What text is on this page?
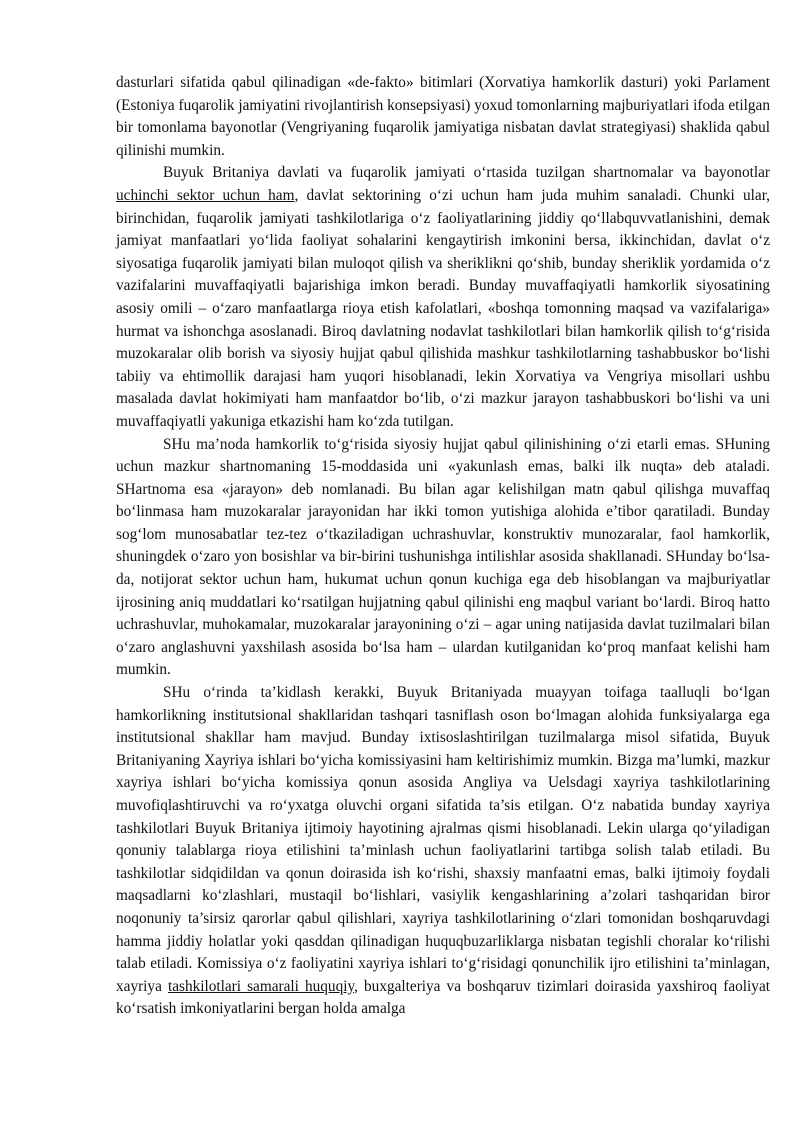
dasturlari sifatida qabul qilinadigan «de-fakto» bitimlari (Xorvatiya hamkorlik dasturi) yoki Parlament (Estoniya fuqarolik jamiyatini rivojlantirish konsepsiyasi) yoxud tomonlarning majburiyatlari ifoda etilgan bir tomonlama bayonotlar (Vengriyaning fuqarolik jamiyatiga nisbatan davlat strategiyasi) shaklida qabul qilinishi mumkin.

Buyuk Britaniya davlati va fuqarolik jamiyati o‘rtasida tuzilgan shartnomalar va bayonotlar uchinchi sektor uchun ham, davlat sektorining o‘zi uchun ham juda muhim sanaladi. Chunki ular, birinchidan, fuqarolik jamiyati tashkilotlariga o‘z faoliyatlarining jiddiy qo‘llabquvvatlanishini, demak jamiyat manfaatlari yo‘lida faoliyat sohalarini kengaytirish imkonini bersa, ikkinchidan, davlat o‘z siyosatiga fuqarolik jamiyati bilan muloqot qilish va sheriklikni qo‘shib, bunday sheriklik yordamida o‘z vazifalarini muvaffaqiyatli bajarishiga imkon beradi. Bunday muvaffaqiyatli hamkorlik siyosatining asosiy omili – o‘zaro manfaatlarga rioya etish kafolatlari, «boshqa tomonning maqsad va vazifalariga» hurmat va ishonchga asoslanadi. Biroq davlatning nodavlat tashkilotlari bilan hamkorlik qilish to‘g‘risida muzokaralar olib borish va siyosiy hujjat qabul qilishida mashkur tashkilotlarning tashabbuskor bo‘lishi tabiiy va ehtimollik darajasi ham yuqori hisoblanadi, lekin Xorvatiya va Vengriya misollari ushbu masalada davlat hokimiyati ham manfaatdor bo‘lib, o‘zi mazkur jarayon tashabbuskori bo‘lishi va uni muvaffaqiyatli yakuniga etkazishi ham ko‘zda tutilgan.

SHu ma’noda hamkorlik to‘g‘risida siyosiy hujjat qabul qilinishining o‘zi etarli emas. SHuning uchun mazkur shartnomaning 15-moddasida uni «yakunlash emas, balki ilk nuqta» deb ataladi. SHartnoma esa «jarayon» deb nomlanadi. Bu bilan agar kelishilgan matn qabul qilishga muvaffaq bo‘linmasa ham muzokaralar jarayonidan har ikki tomon yutishiga alohida e’tibor qaratiladi. Bunday sog‘lom munosabatlar tez-tez o‘tkaziladigan uchrashuvlar, konstruktiv munozaralar, faol hamkorlik, shuningdek o‘zaro yon bosishlar va bir-birini tushunishga intilishlar asosida shakllanadi. SHunday bo‘lsa-da, notijorat sektor uchun ham, hukumat uchun qonun kuchiga ega deb hisoblangan va majburiyatlar ijrosining aniq muddatlari ko‘rsatilgan hujjatning qabul qilinishi eng maqbul variant bo‘lardi. Biroq hatto uchrashuvlar, muhokamalar, muzokaralar jarayonining o‘zi – agar uning natijasida davlat tuzilmalari bilan o‘zaro anglashuvni yaxshilash asosida bo‘lsa ham – ulardan kutilganidan ko‘proq manfaat kelishi ham mumkin.

SHu o‘rinda ta’kidlash kerakki, Buyuk Britaniyada muayyan toifaga taalluqli bo‘lgan hamkorlikning institutsional shakllaridan tashqari tasniflash oson bo‘lmagan alohida funksiyalarga ega institutsional shakllar ham mavjud. Bunday ixtisoslashtirilgan tuzilmalarga misol sifatida, Buyuk Britaniyaning Xayriya ishlari bo‘yicha komissiyasini ham keltirishimiz mumkin. Bizga ma’lumki, mazkur xayriya ishlari bo‘yicha komissiya qonun asosida Angliya va Uelsdagi xayriya tashkilotlarining muvofiqlashtiruvchi va ro‘yxatga oluvchi organi sifatida ta’sis etilgan. O‘z nabatida bunday xayriya tashkilotlari Buyuk Britaniya ijtimoiy hayotining ajralmas qismi hisoblanadi. Lekin ularga qo‘yiladigan qonuniy talablarga rioya etilishini ta’minlash uchun faoliyatlarini tartibga solish talab etiladi. Bu tashkilotlar sidqidildan va qonun doirasida ish ko‘rishi, shaxsiy manfaatni emas, balki ijtimoiy foydali maqsadlarni ko‘zlashlari, mustaqil bo‘lishlari, vasiylik kengashlarining a’zolari tashqaridan biror noqonuniy ta’sirsiz qarorlar qabul qilishlari, xayriya tashkilotlarining o‘zlari tomonidan boshqaruvdagi hamma jiddiy holatlar yoki qasddan qilinadigan huquqbuzarliklarga nisbatan tegishli choralar ko‘rilishi talab etiladi. Komissiya o‘z faoliyatini xayriya ishlari to‘g‘risidagi qonunchilik ijro etilishini ta’minlagan, xayriya tashkilotlari samarali huquqiy, buxgalteriya va boshqaruv tizimlari doirasida yaxshiroq faoliyat ko‘rsatish imkoniyatlarini bergan holda amalga
